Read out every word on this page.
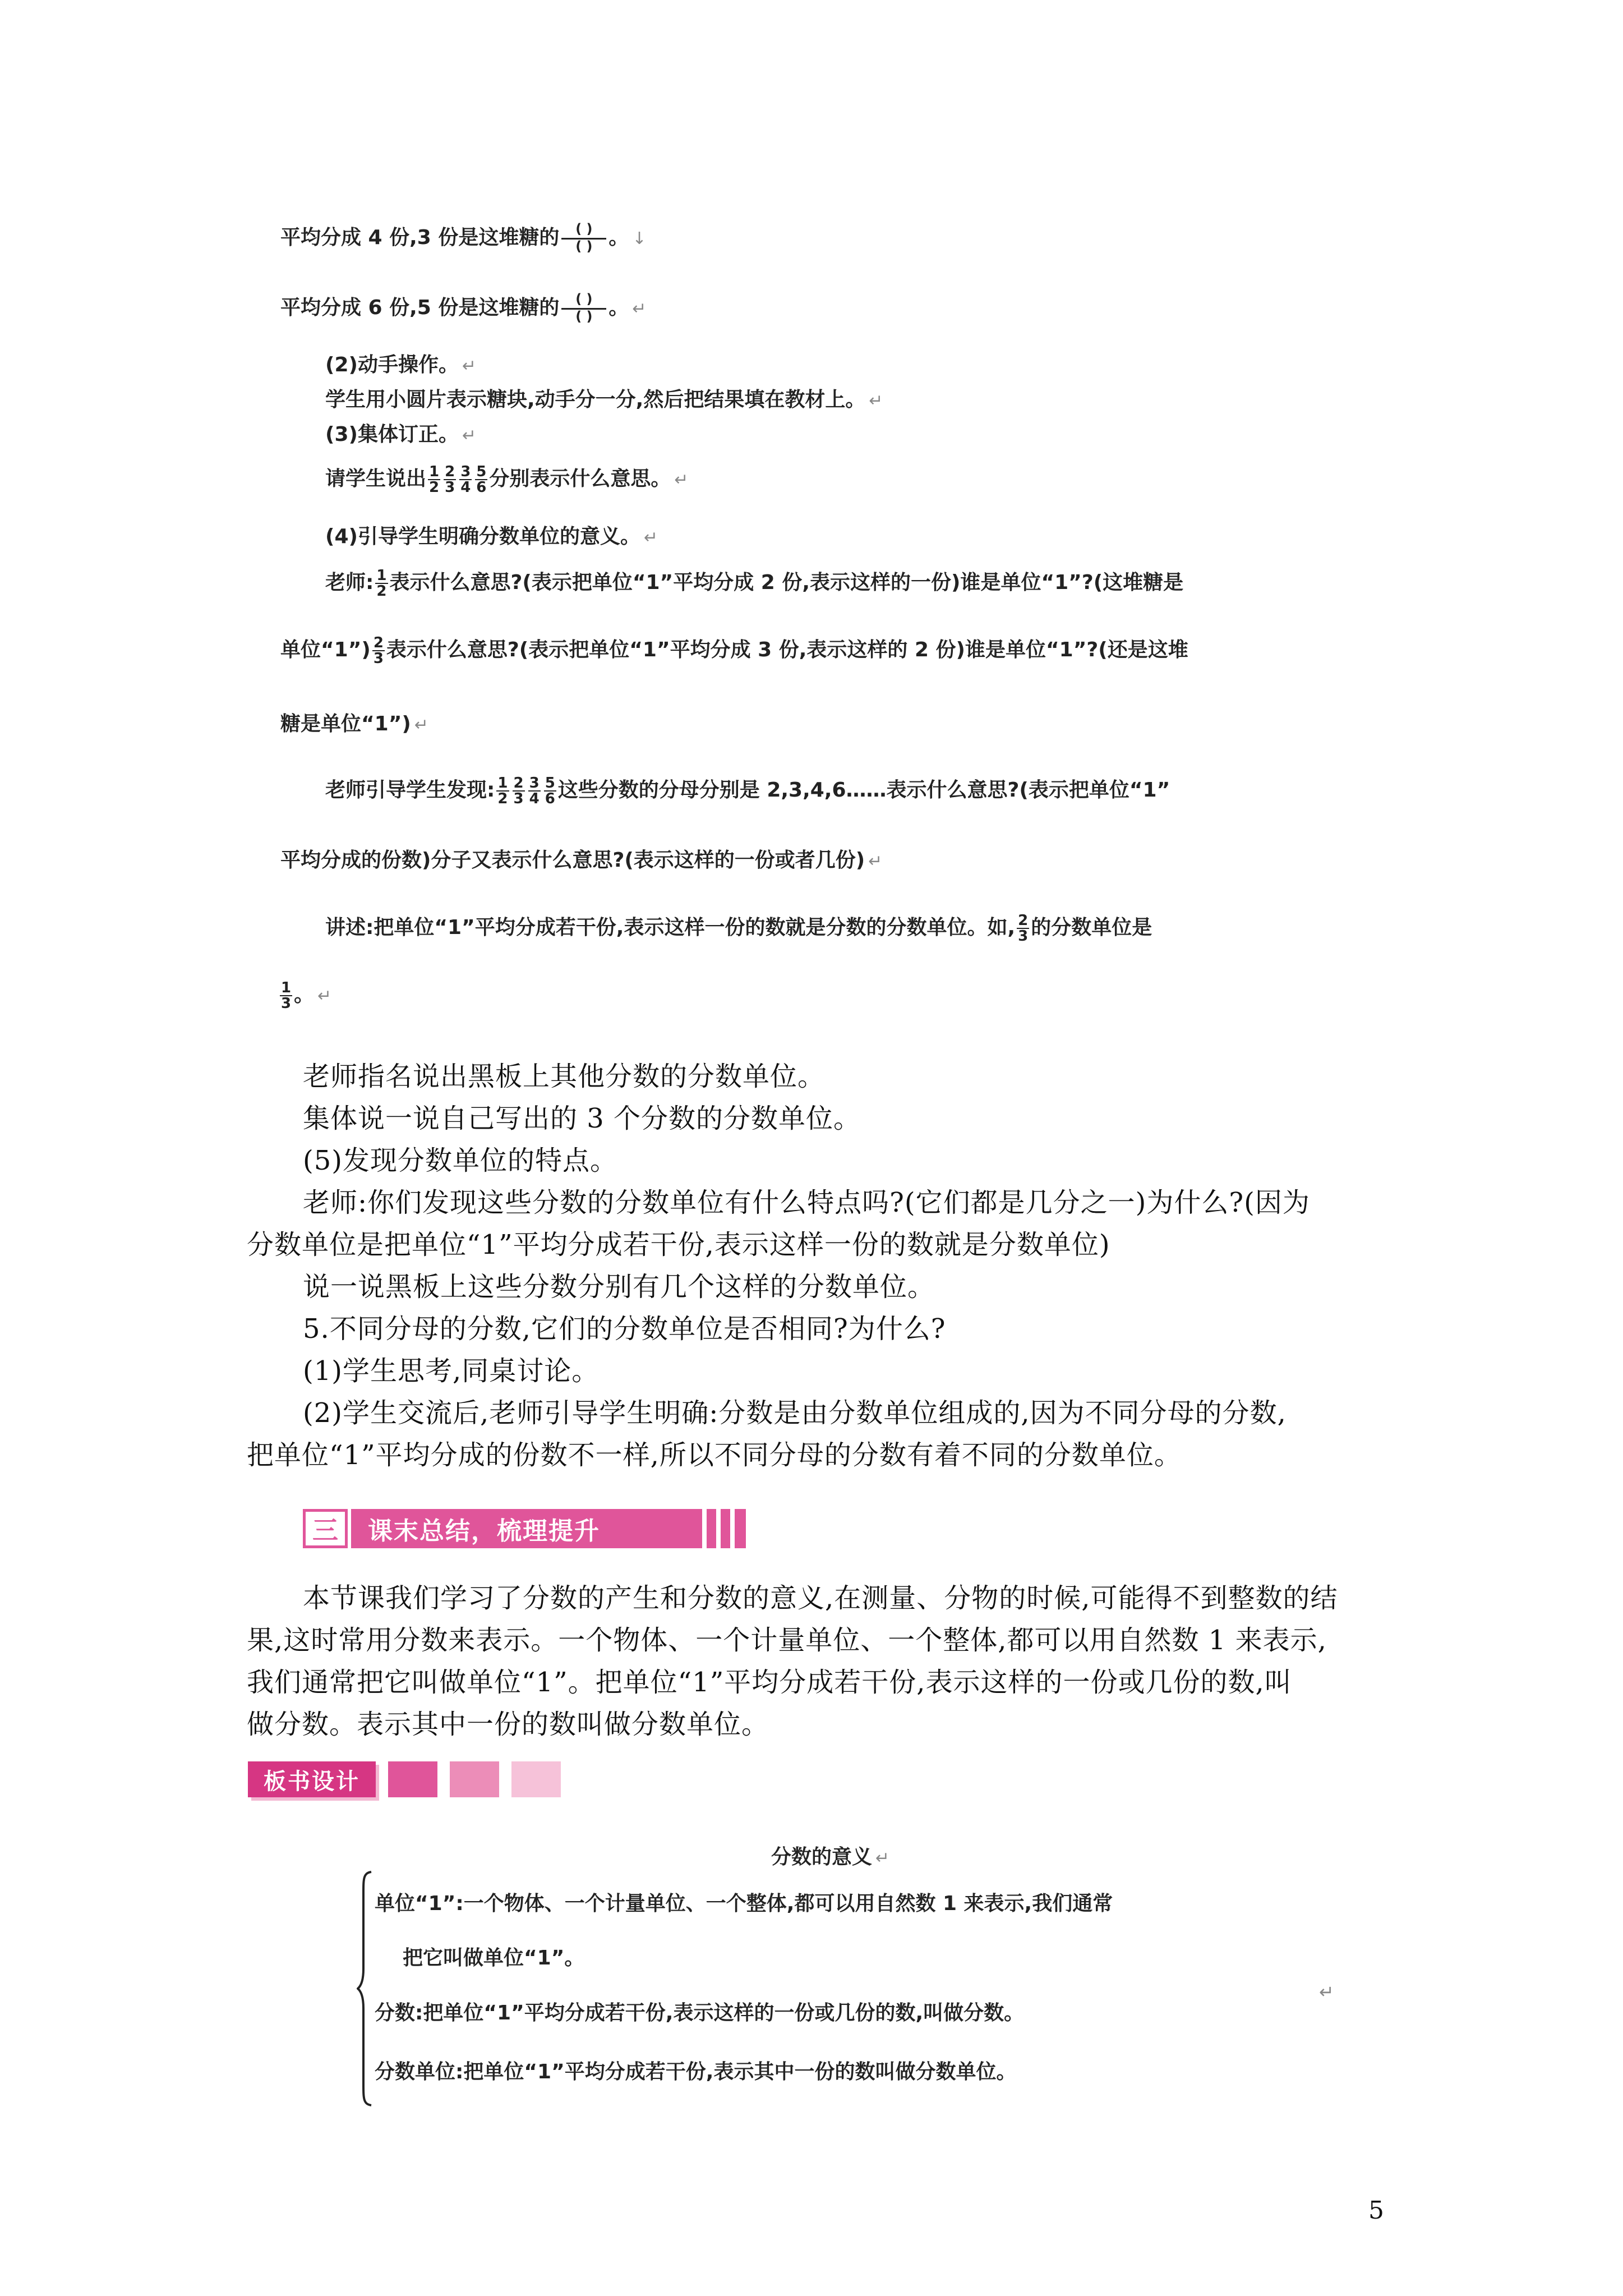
平均分成 4 份,3 份是这堆糖的	( )
( ) 。 ↓
平均分成 6 份,5 份是这堆糖的	( )
( ) 。 ↵
(2)动手操作。 ↵
学生用小圆片表示糖块,动手分一分,然后把结果填在教材上。 ↵
(3)集体订正。 ↵
请学生说出 $\frac{1}{2} \frac{2}{3} \frac{3}{4} \frac{5}{6}$ 分别表示什么意思。 ↵
(4)引导学生明确分数单位的意义。 ↵
老师: $\frac{1}{2}$ 表示什么意思?(表示把单位“1”平均分成 2 份,表示这样的一份)谁是单位“1”?(这堆糖是
单位“1”) $\frac{2}{3}$ 表示什么意思?(表示把单位“1”平均分成 3 份,表示这样的 2 份)谁是单位“1”?(还是这堆
糖是单位“1”) ↵
老师引导学生发现: $\frac{1}{2} \frac{2}{3} \frac{3}{4} \frac{5}{6}$ 这些分数的分母分别是 2,3,4,6……表示什么意思?(表示把单位“1”
平均分成的份数)分子又表示什么意思?(表示这样的一份或者几份) ↵
讲述:把单位“1”平均分成若干份,表示这样一份的数就是分数的分数单位。如, $\frac{2}{3}$ 的分数单位是
$\frac{1}{3}$ 。 ↵
老师指名说出黑板上其他分数的分数单位。
集体说一说自己写出的 3 个分数的分数单位。
(5)发现分数单位的特点。
老师:你们发现这些分数的分数单位有什么特点吗?(它们都是几分之一)为什么?(因为
分数单位是把单位“1”平均分成若干份,表示这样一份的数就是分数单位)
说一说黑板上这些分数分别有几个这样的分数单位。
5.不同分母的分数,它们的分数单位是否相同?为什么?
(1)学生思考,同桌讨论。
(2)学生交流后,老师引导学生明确:分数是由分数单位组成的,因为不同分母的分数,
把单位“1”平均分成的份数不一样,所以不同分母的分数有着不同的分数单位。
三	课末总结，梳理提升
本节课我们学习了分数的产生和分数的意义,在测量、分物的时候,可能得不到整数的结
果,这时常用分数来表示。一个物体、一个计量单位、一个整体,都可以用自然数 1 来表示,
我们通常把它叫做单位“1”。把单位“1”平均分成若干份,表示这样的一份或几份的数,叫
做分数。表示其中一份的数叫做分数单位。
板书设计
分数的意义 ↵
单位“1”:一个物体、一个计量单位、一个整体,都可以用自然数 1 来表示,我们通常
把它叫做单位“1”。
分数:把单位“1”平均分成若干份,表示这样的一份或几份的数,叫做分数。
分数单位:把单位“1”平均分成若干份,表示其中一份的数叫做分数单位。
↵
5
